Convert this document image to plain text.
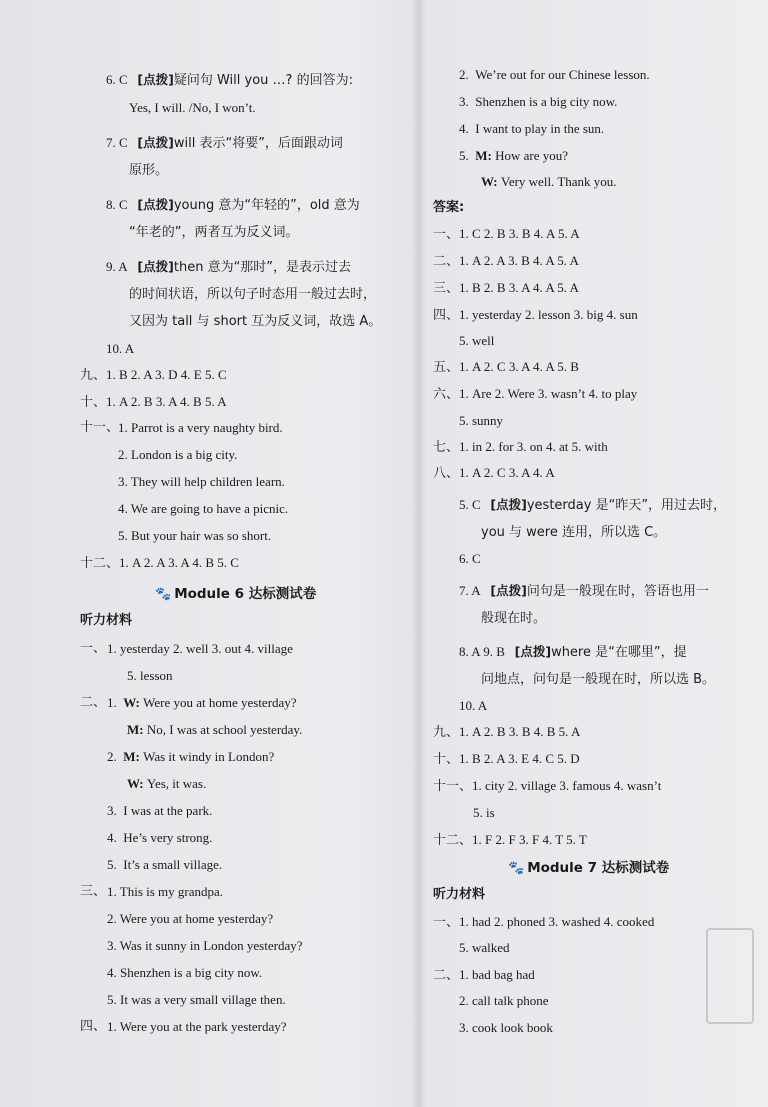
6. C [点拨]疑问句 Will you …? 的回答为:
Yes, I will. /No, I won’t.
7. C [点拨]will 表示“将要”，后面跟动词
原形。
8. C [点拨]young 意为“年轻的”，old 意为
“年老的”，两者互为反义词。
9. A [点拨]then 意为“那时”，是表示过去
的时间状语，所以句子时态用一般过去时，
又因为 tall 与 short 互为反义词，故选 A。
10. A
九、1. B 2. A 3. D 4. E 5. C
十、1. A 2. B 3. A 4. B 5. A
十一、
1. Parrot is a very naughty bird.
2. London is a big city.
3. They will help children learn.
4. We are going to have a picnic.
5. But your hair was so short.
十二、1. A 2. A 3. A 4. B 5. C
🐾 Module 6 达标测试卷
听力材料
一、 1. yesterday 2. well 3. out 4. village
5. lesson
二、 1. W: Were you at home yesterday?
M: No, I was at school yesterday.
2. M: Was it windy in London?
W: Yes, it was.
3. I was at the park.
4. He’s very strong.
5. It’s a small village.
三、 1. This is my grandpa.
2. Were you at home yesterday?
3. Was it sunny in London yesterday?
4. Shenzhen is a big city now.
5. It was a very small village then.
四、 1. Were you at the park yesterday?
2. We’re out for our Chinese lesson.
3. Shenzhen is a big city now.
4. I want to play in the sun.
5. M: How are you?
W: Very well. Thank you.
答案:
一、1. C 2. B 3. B 4. A 5. A
二、1. A 2. A 3. B 4. A 5. A
三、1. B 2. B 3. A 4. A 5. A
四、1. yesterday 2. lesson 3. big 4. sun
5. well
五、1. A 2. C 3. A 4. A 5. B
六、1. Are 2. Were 3. wasn’t 4. to play
5. sunny
七、1. in 2. for 3. on 4. at 5. with
八、1. A 2. C 3. A 4. A
5. C [点拨]yesterday 是“昨天”，用过去时，
you 与 were 连用，所以选 C。
6. C
7. A [点拨]问句是一般现在时，答语也用一
般现在时。
8. A 9. B [点拨]where 是“在哪里”，提
问地点，问句是一般现在时，所以选 B。
10. A
九、1. A 2. B 3. B 4. B 5. A
十、1. B 2. A 3. E 4. C 5. D
十一、1. city 2. village 3. famous 4. wasn’t
5. is
十二、1. F 2. F 3. F 4. T 5. T
🐾 Module 7 达标测试卷
听力材料
一、1. had 2. phoned 3. washed 4. cooked
5. walked
二、1. bad bag had
2. call talk phone
3. cook look book
